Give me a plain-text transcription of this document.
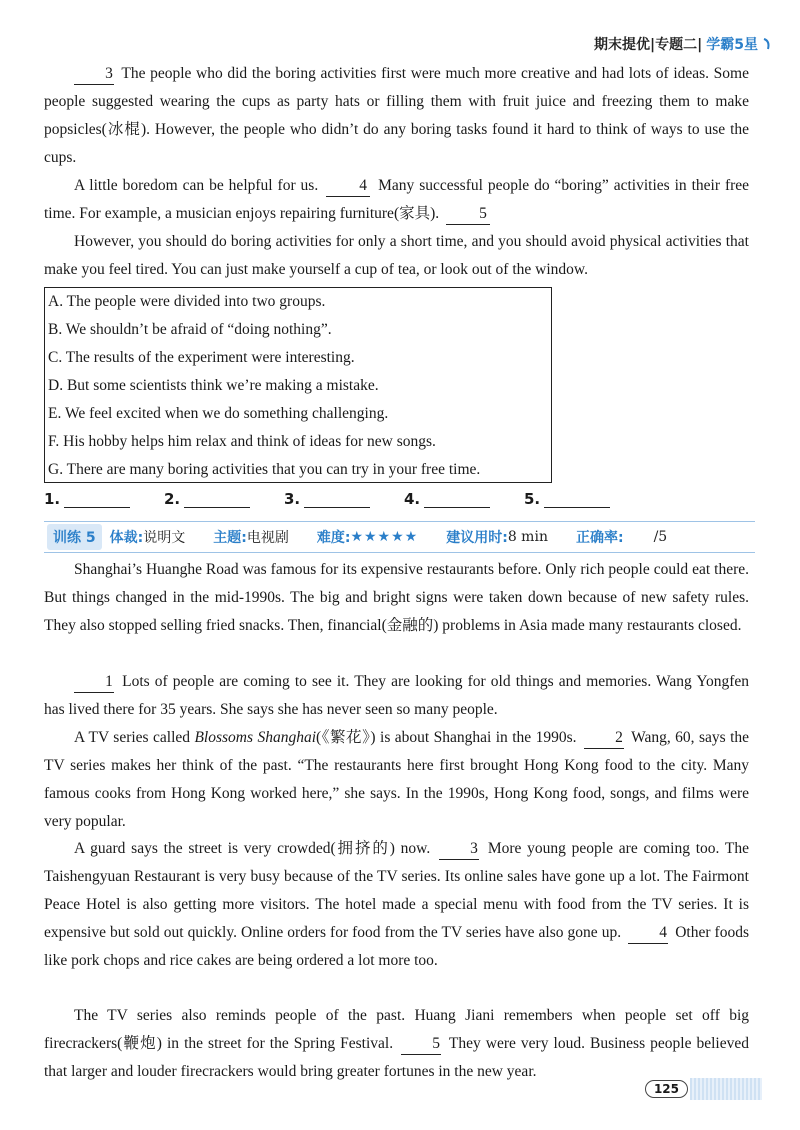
期末提优|专题二| 学霸5星

3 The people who did the boring activities first were much more creative and had lots of ideas. Some people suggested wearing the cups as party hats or filling them with fruit juice and freezing them to make popsicles(冰棍). However, the people who didn’t do any boring tasks found it hard to think of ways to use the cups.

A little boredom can be helpful for us.	4 Many successful people do “boring” activities in their free time. For example, a musician enjoys repairing furniture(家具).	5

However, you should do boring activities for only a short time, and you should avoid physical activities that make you feel tired. You can just make yourself a cup of tea, or look out of the window.

A. The people were divided into two groups.
B. We shouldn’t be afraid of “doing nothing”.
C. The results of the experiment were interesting.
D. But some scientists think we’re making a mistake.
E. We feel excited when we do something challenging.
F. His hobby helps him relax and think of ideas for new songs.
G. There are many boring activities that you can try in your free time.
1.	2.	3.	4.	5.
训练 5	体裁: 说明文 主题: 电视剧 难度: ★★★★★ 建议用时: 8 min 正确率: /5

Shanghai’s Huanghe Road was famous for its expensive restaurants before. Only rich people could eat there. But things changed in the mid-1990s. The big and bright signs were taken down because of new safety rules. They also stopped selling fried snacks. Then, financial(金融的) problems in Asia made many restaurants closed.

1 Lots of people are coming to see it. They are looking for old things and memories. Wang Yongfen has lived there for 35 years. She says she has never seen so many people.

A TV series called Blossoms Shanghai(《繁花》) is about Shanghai in the 1990s. 2 Wang, 60, says the TV series makes her think of the past. “The restaurants here first brought Hong Kong food to the city. Many famous cooks from Hong Kong worked here,” she says. In the 1990s, Hong Kong food, songs, and films were very popular.

A guard says the street is very crowded(拥挤的) now.	3 More young people are coming too. The Taishengyuan Restaurant is very busy because of the TV series. Its online sales have gone up a lot. The Fairmont Peace Hotel is also getting more visitors. The hotel made a special menu with food from the TV series. It is expensive but sold out quickly. Online orders for food from the TV series have also gone up. 4 Other foods like pork chops and rice cakes are being ordered a lot more too.

The TV series also reminds people of the past. Huang Jiani remembers when people set off big firecrackers(鞭炮) in the street for the Spring Festival.	5 They were very loud. Business people believed that larger and louder firecrackers would bring greater fortunes in the new year.

125
